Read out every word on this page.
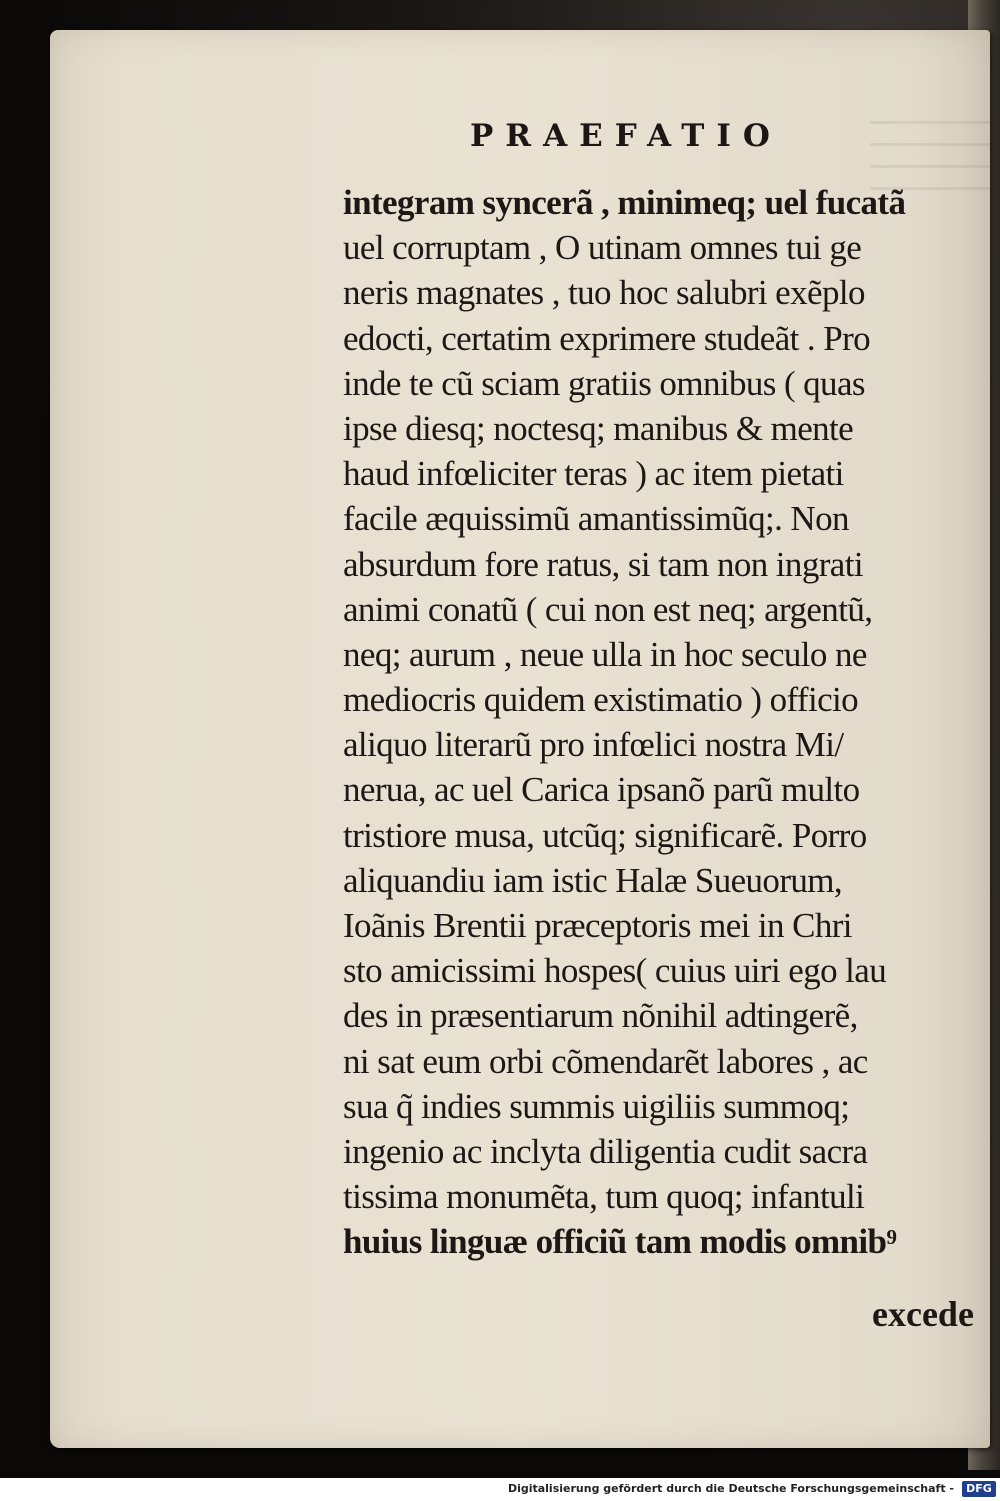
PRAEFATIO
integram syncerã , minimeq; uel fucatã
uel corruptam , O utinam omnes tui ge
neris magnates , tuo hoc salubri exẽplo
edocti, certatim exprimere studeãt . Pro
inde te cũ sciam gratiis omnibus ( quas
ipse diesq; noctesq; manibus & mente
haud infœliciter teras ) ac item pietati
facile æquissimũ amantissimũq;. Non
absurdum fore ratus, si tam non ingrati
animi conatũ ( cui non est neq; argentũ,
neq; aurum , neue ulla in hoc seculo ne
mediocris quidem existimatio ) officio
aliquo literarũ pro infœlici nostra Mi/
nerua, ac uel Carica ipsanõ parũ multo
tristiore musa, utcũq; significarẽ. Porro
aliquandiu iam istic Halæ Sueuorum,
Ioãnis Brentii præceptoris mei in Chri
sto amicissimi hospes( cuius uiri ego lau
des in præsentiarum nõnihil adtingerẽ,
ni sat eum orbi cõmendarẽt labores , ac
sua q̃ indies summis uigiliis summoq;
ingenio ac inclyta diligentia cudit sacra
tissima monumẽta, tum quoq; infantuli
huius linguæ officiũ tam modis omnib⁹
excede
Digitalisierung gefördert durch die Deutsche Forschungsgemeinschaft -	DFG
